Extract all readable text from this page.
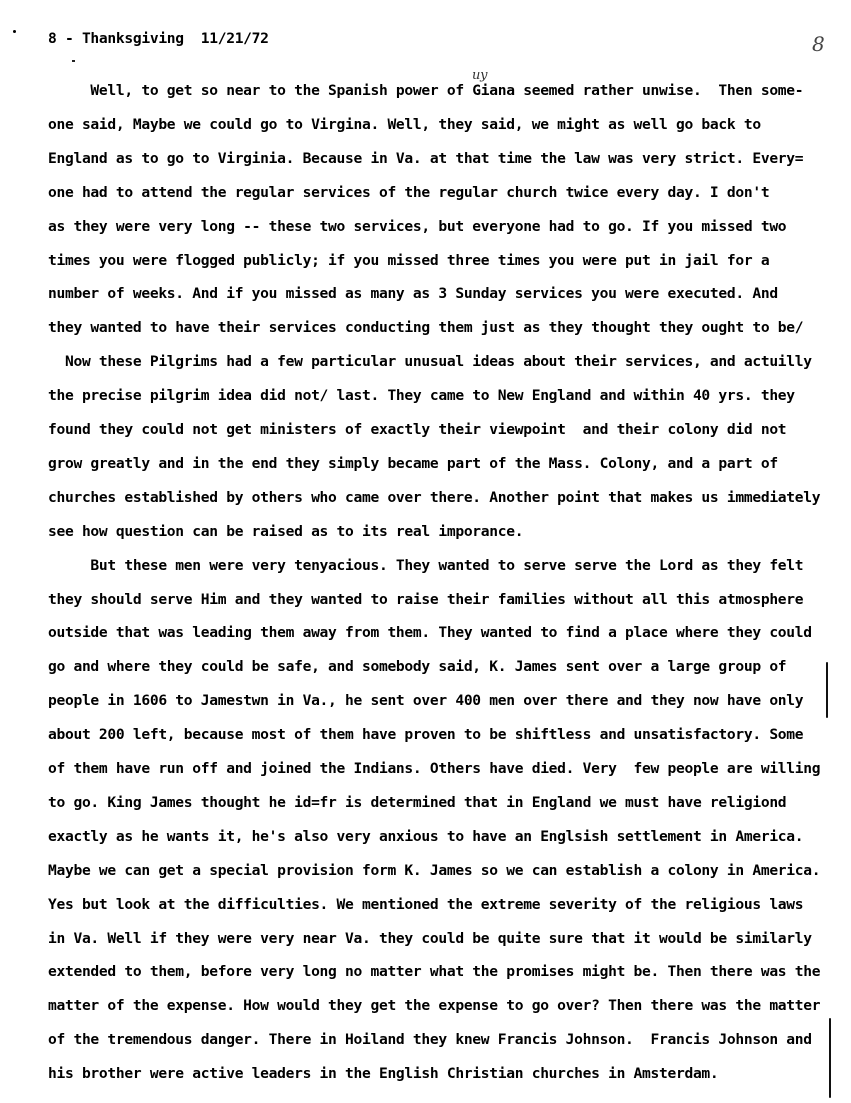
8 - Thanksgiving  11/21/72	8
uy
Well, to get so near to the Spanish power of Giana seemed rather unwise.  Then some-
one said, Maybe we could go to Virgina. Well, they said, we might as well go back to
England as to go to Virginia. Because in Va. at that time the law was very strict. Every=
one had to attend the regular services of the regular church twice every day. I don't
as they were very long -- these two services, but everyone had to go. If you missed two
times you were flogged publicly; if you missed three times you were put in jail for a
number of weeks. And if you missed as many as 3 Sunday services you were executed. And
they wanted to have their services conducting them just as they thought they ought to be/
Now these Pilgrims had a few particular unusual ideas about their services, and actuilly
the precise pilgrim idea did not/ last. They came to New England and within 40 yrs. they
found they could not get ministers of exactly their viewpoint  and their colony did not
grow greatly and in the end they simply became part of the Mass. Colony, and a part of
churches established by others who came over there. Another point that makes us immediately
see how question can be raised as to its real imporance.
But these men were very tenyacious. They wanted to serve serve the Lord as they felt
they should serve Him and they wanted to raise their families without all this atmosphere
outside that was leading them away from them. They wanted to find a place where they could
go and where they could be safe, and somebody said, K. James sent over a large group of
people in 1606 to Jamestwn in Va., he sent over 400 men over there and they now have only
about 200 left, because most of them have proven to be shiftless and unsatisfactory. Some
of them have run off and joined the Indians. Others have died. Very  few people are willing
to go. King James thought he id=fr is determined that in England we must have religiond
exactly as he wants it, he's also very anxious to have an Englsish settlement in America.
Maybe we can get a special provision form K. James so we can establish a colony in America.
Yes but look at the difficulties. We mentioned the extreme severity of the religious laws
in Va. Well if they were very near Va. they could be quite sure that it would be similarly
extended to them, before very long no matter what the promises might be. Then there was the
matter of the expense. How would they get the expense to go over? Then there was the matter
of the tremendous danger. There in Hoiland they knew Francis Johnson.  Francis Johnson and
his brother were active leaders in the English Christian churches in Amsterdam.
